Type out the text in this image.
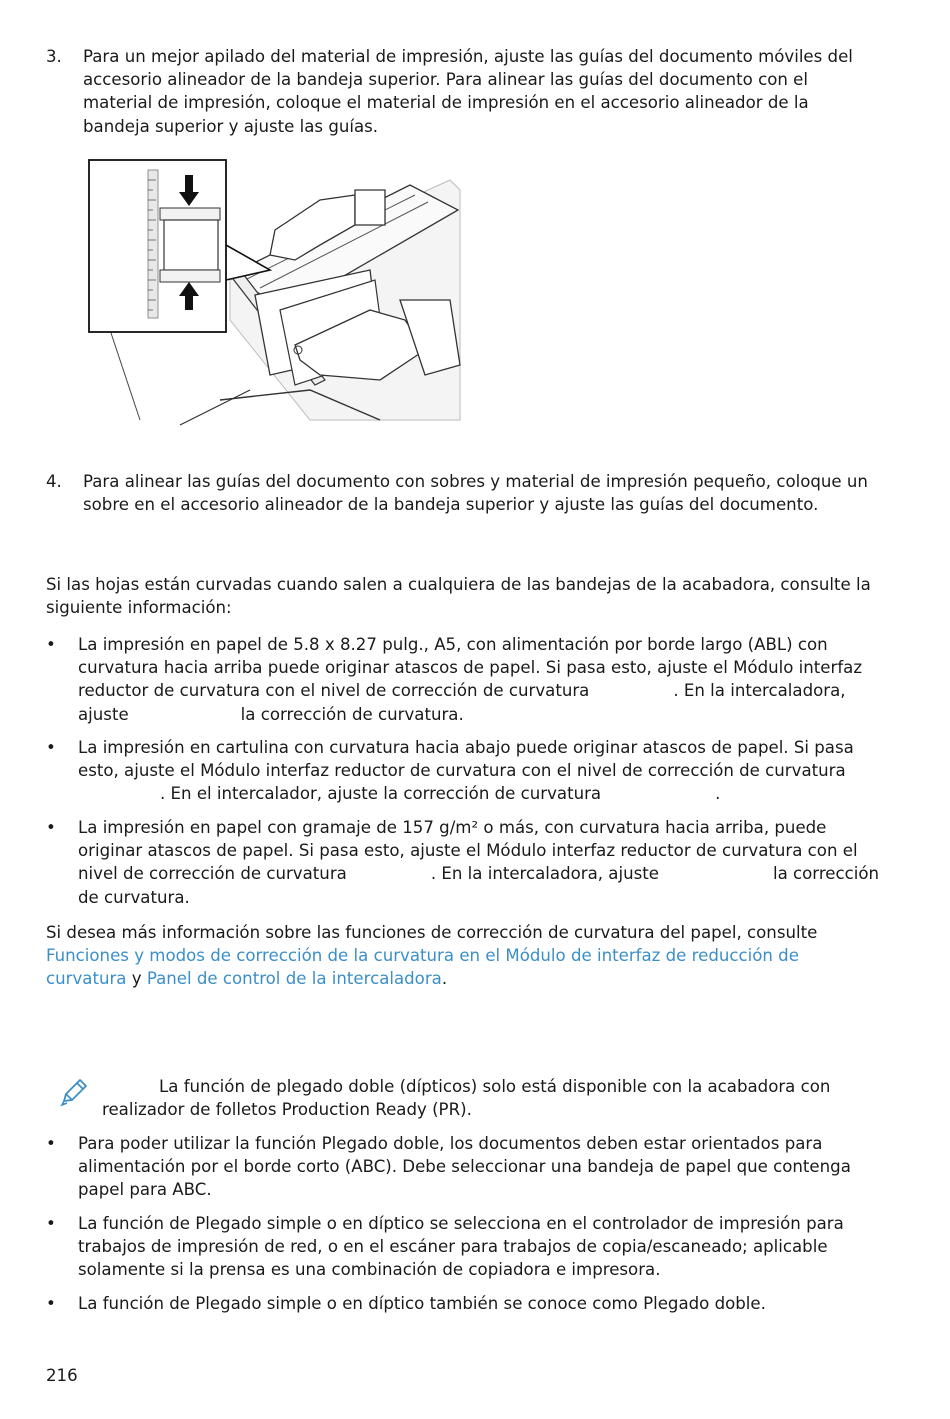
3. Para un mejor apilado del material de impresión, ajuste las guías del documento móviles del
accesorio alineador de la bandeja superior. Para alinear las guías del documento con el
material de impresión, coloque el material de impresión en el accesorio alineador de la
bandeja superior y ajuste las guías.
4. Para alinear las guías del documento con sobres y material de impresión pequeño, coloque un
sobre en el accesorio alineador de la bandeja superior y ajuste las guías del documento.
Si las hojas están curvadas cuando salen a cualquiera de las bandejas de la acabadora, consulte la
siguiente información:
• La impresión en papel de 5.8 x 8.27 pulg., A5, con alimentación por borde largo (ABL) con
curvatura hacia arriba puede originar atascos de papel. Si pasa esto, ajuste el Módulo interfaz
reductor de curvatura con el nivel de corrección de curvatura	. En la intercaladora,
ajuste	la corrección de curvatura.
• La impresión en cartulina con curvatura hacia abajo puede originar atascos de papel. Si pasa
esto, ajuste el Módulo interfaz reductor de curvatura con el nivel de corrección de curvatura
. En el intercalador, ajuste la corrección de curvatura	.
• La impresión en papel con gramaje de 157 g/m² o más, con curvatura hacia arriba, puede
originar atascos de papel. Si pasa esto, ajuste el Módulo interfaz reductor de curvatura con el
nivel de corrección de curvatura	. En la intercaladora, ajuste	la corrección
de curvatura.
Si desea más información sobre las funciones de corrección de curvatura del papel, consulte
Funciones y modos de corrección de la curvatura en el Módulo de interfaz de reducción de
curvatura y Panel de control de la intercaladora.
La función de plegado doble (dípticos) solo está disponible con la acabadora con
realizador de folletos Production Ready (PR).
• Para poder utilizar la función Plegado doble, los documentos deben estar orientados para
alimentación por el borde corto (ABC). Debe seleccionar una bandeja de papel que contenga
papel para ABC.
• La función de Plegado simple o en díptico se selecciona en el controlador de impresión para
trabajos de impresión de red, o en el escáner para trabajos de copia/escaneado; aplicable
solamente si la prensa es una combinación de copiadora e impresora.
• La función de Plegado simple o en díptico también se conoce como Plegado doble.
216
